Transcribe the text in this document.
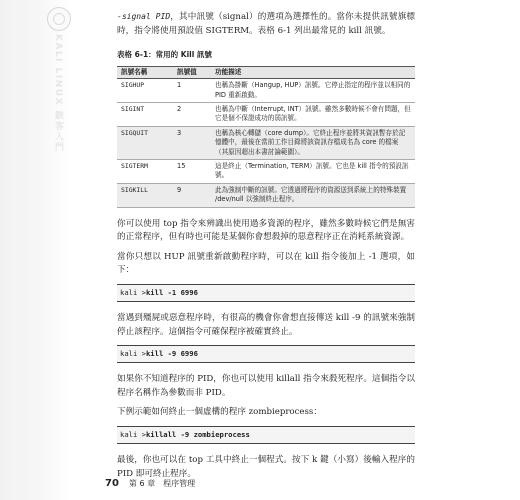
KALI LINUX 駭客入門

-signal PID，其中訊號（signal）的選項為選擇性的。當你未提供訊號旗標時，指令將使用預設值 SIGTERM。表格 6-1 列出最常見的 kill 訊號。

表格 6-1：常用的 Kill 訊號
訊號名稱	訊號值	功能描述
SIGHUP	1	也稱為掛斷（Hangup, HUP）訊號。它停止指定的程序並以相同的 PID 重新啟動。
SIGINT	2	也稱為中斷（Interrupt, INT）訊號。雖然多數時候不會有問題，但它是個不保證成功的弱訊號。
SIGQUIT	3	也稱為核心轉儲（core dump）。它終止程序並將其資訊暫存於記憶體中，最後在當前工作目錄將該資訊存檔成名為 core 的檔案（其原因超出本書討論範圍）。
SIGTERM	15	這是終止（Termination, TERM）訊號。它也是 kill 指令的預設訊號。
SIGKILL	9	此為強制中斷的訊號。它透過將程序的資源送到系統上的特殊裝置 /dev/null 以強制終止程序。

你可以使用 top 指令來辨識出使用過多資源的程序，雖然多數時候它們是無害的正常程序，但有時也可能是某個你會想殺掉的惡意程序正在消耗系統資源。

當你只想以 HUP 訊號重新啟動程序時，可以在 kill 指令後加上 -1 選項，如下：

kali >kill -1 6996

當遇到殭屍或惡意程序時，有很高的機會你會想直接傳送 kill -9 的訊號來強制停止該程序。這個指令可確保程序被確實終止。

kali >kill -9 6996

如果你不知道程序的 PID，你也可以使用 killall 指令來殺死程序。這個指令以程序名稱作為參數而非 PID。

下例示範如何終止一個虛構的程序 zombieprocess：

kali >killall -9 zombieprocess

最後，你也可以在 top 工具中終止一個程式。按下 k 鍵（小寫）後輸入程序的 PID 即可終止程序。

70 第 6 章　程序管理
